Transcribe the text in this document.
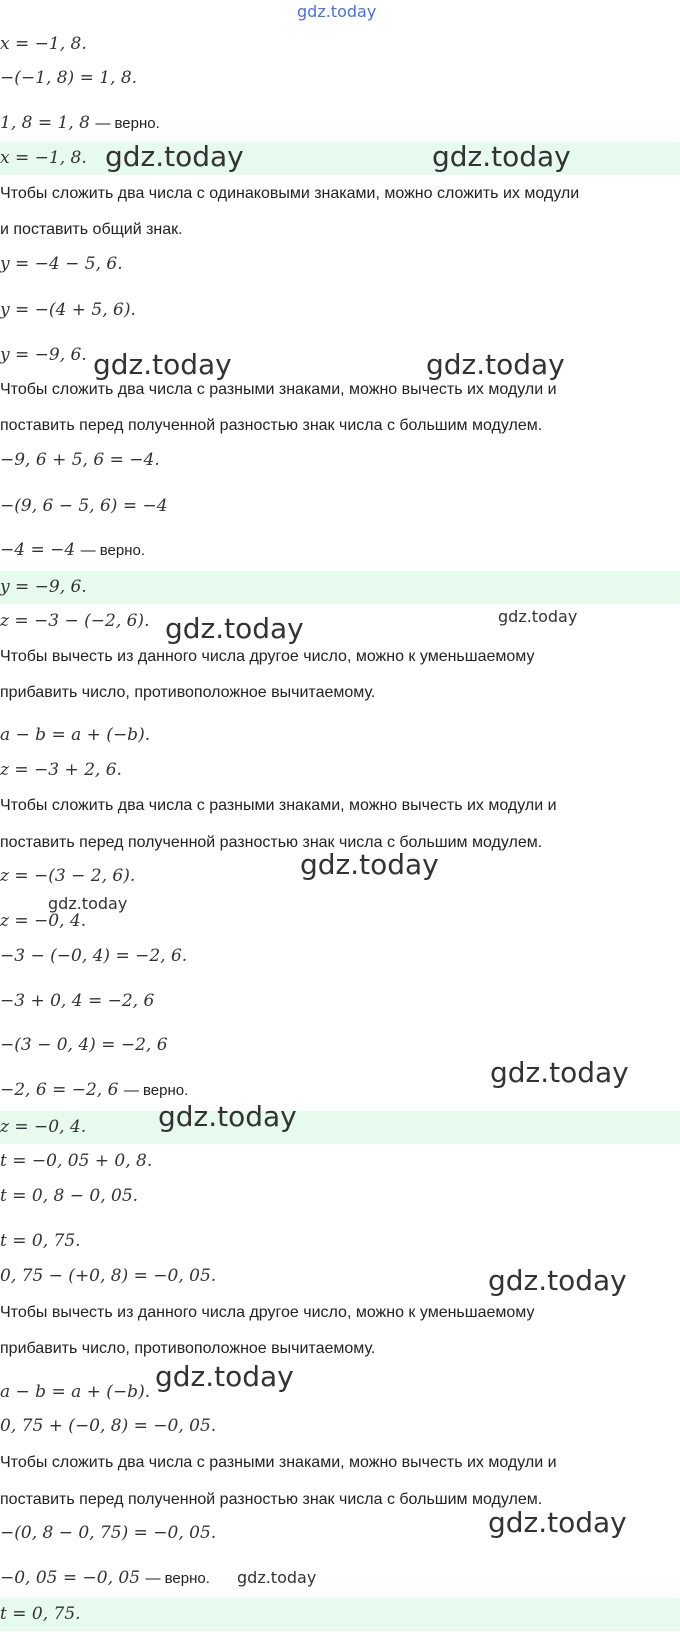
gdz.today
x = −1, 8.
−(−1, 8) = 1, 8.
1, 8 = 1, 8 — верно.
x = −1, 8.
Чтобы сложить два числа с одинаковыми знаками, можно сложить их модули
и поставить общий знак.
y = −4 − 5, 6.
y = −(4 + 5, 6).
y = −9, 6.
Чтобы сложить два числа с разными знаками, можно вычесть их модули и
поставить перед полученной разностью знак числа с большим модулем.
−9, 6 + 5, 6 = −4.
−(9, 6 − 5, 6) = −4
−4 = −4 — верно.
y = −9, 6.
z = −3 − (−2, 6).
Чтобы вычесть из данного числа другое число, можно к уменьшаемому
прибавить число, противоположное вычитаемому.
a − b = a + (−b).
z = −3 + 2, 6.
Чтобы сложить два числа с разными знаками, можно вычесть их модули и
поставить перед полученной разностью знак числа с большим модулем.
z = −(3 − 2, 6).
z = −0, 4.
−3 − (−0, 4) = −2, 6.
−3 + 0, 4 = −2, 6
−(3 − 0, 4) = −2, 6
−2, 6 = −2, 6 — верно.
z = −0, 4.
t = −0, 05 + 0, 8.
t = 0, 8 − 0, 05.
t = 0, 75.
0, 75 − (+0, 8) = −0, 05.
Чтобы вычесть из данного числа другое число, можно к уменьшаемому
прибавить число, противоположное вычитаемому.
a − b = a + (−b).
0, 75 + (−0, 8) = −0, 05.
Чтобы сложить два числа с разными знаками, можно вычесть их модули и
поставить перед полученной разностью знак числа с большим модулем.
−(0, 8 − 0, 75) = −0, 05.
−0, 05 = −0, 05 — верно.
t = 0, 75.
gdz.today	gdz.today
gdz.today	gdz.today
gdz.today	gdz.today
gdz.today
gdz.today
gdz.today
gdz.today
gdz.today
gdz.today
gdz.today
gdz.today
